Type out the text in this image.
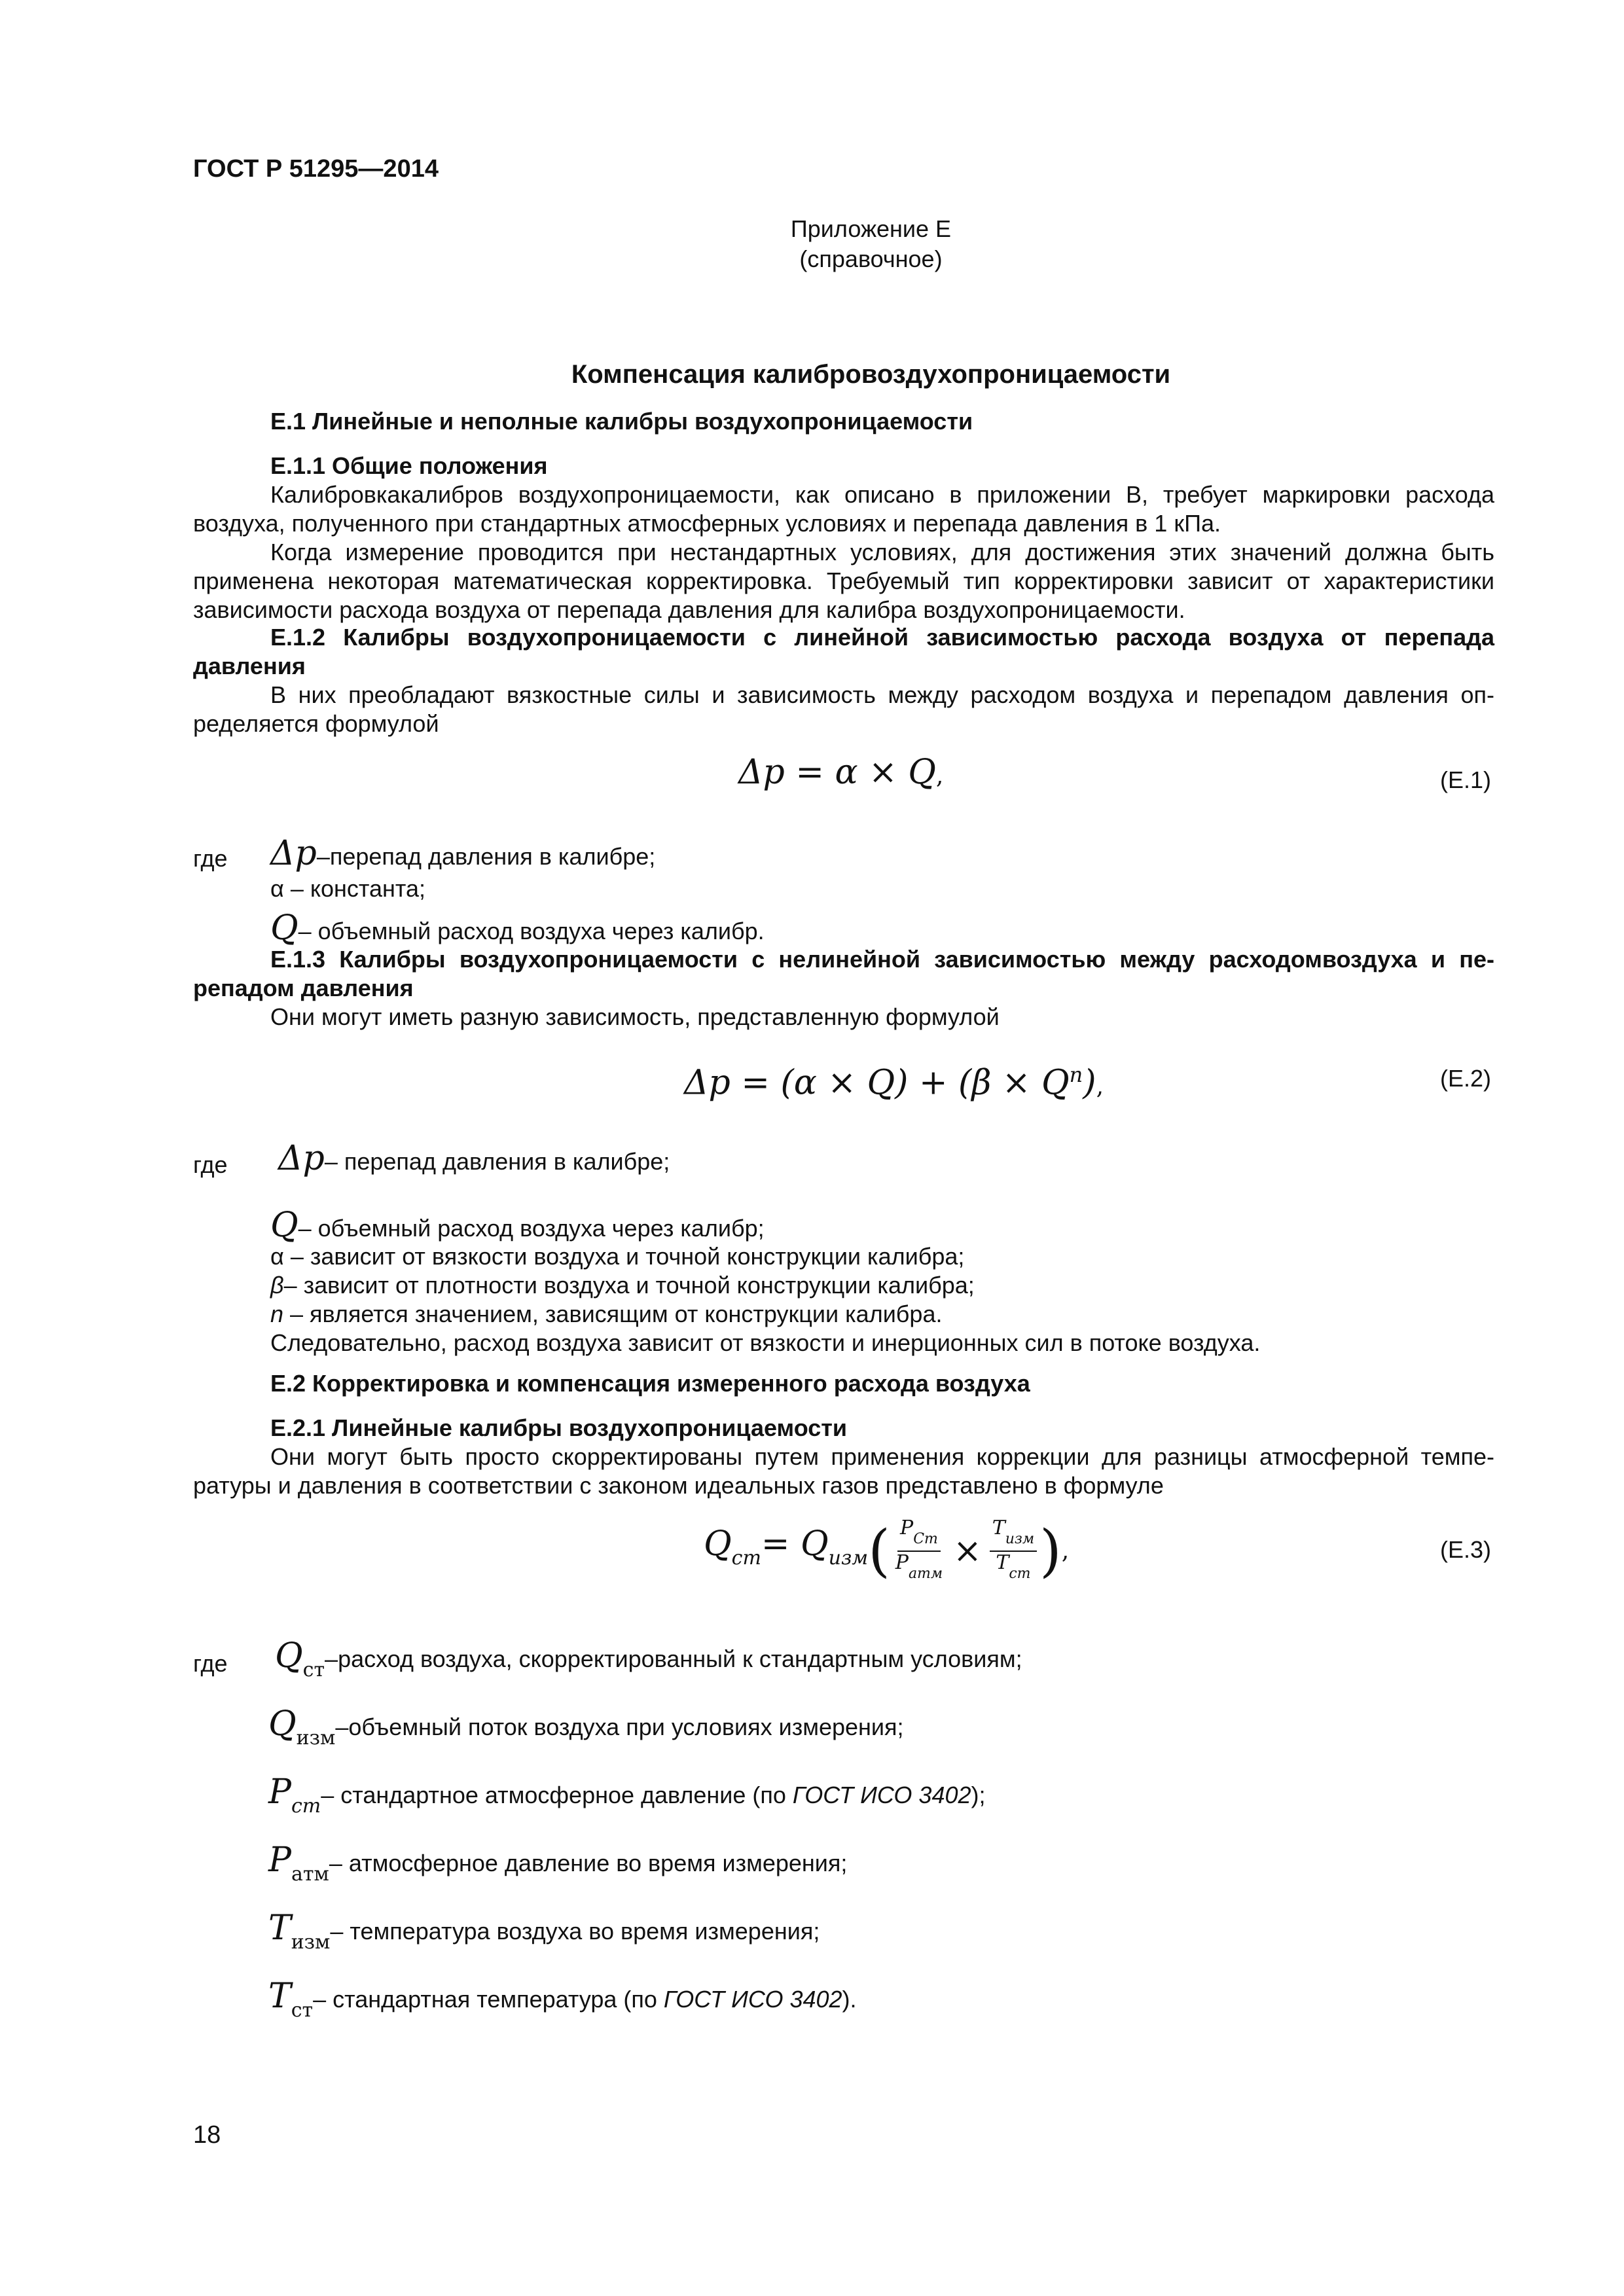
ГОСТ Р 51295—2014
Приложение Е
(справочное)
Компенсация калибровоздухопроницаемости
Е.1 Линейные и неполные калибры воздухопроницаемости
Е.1.1 Общие положения
Калибровкакалибров воздухопроницаемости, как описано в приложении В, требует маркировки расхода
воздуха, полученного при стандартных атмосферных условиях и перепада давления в 1 кПа.
Когда измерение проводится при нестандартных условиях, для достижения этих значений должна быть
применена некоторая математическая корректировка. Требуемый тип корректировки зависит от характеристики
зависимости расхода воздуха от перепада давления для калибра воздухопроницаемости.
Е.1.2 Калибры воздухопроницаемости с линейной зависимостью расхода воздуха от перепада
давления
В них преобладают вязкостные силы и зависимость между расходом воздуха и перепадом давления оп-
ределяется формулой
Δp = α × Q,	(Е.1)
где Δp–перепад давления в калибре;
α – константа;
Q– объемный расход воздуха через калибр.
Е.1.3 Калибры воздухопроницаемости с нелинейной зависимостью между расходомвоздуха и пе-
репадом давления
Они могут иметь разную зависимость, представленную формулой
$\Delta p = (\alpha \times Q) + (\beta \times Q^n)$,	(Е.2)
где Δp– перепад давления в калибре;
Q– объемный расход воздуха через калибр;
α – зависит от вязкости воздуха и точной конструкции калибра;
β– зависит от плотности воздуха и точной конструкции калибра;
n – является значением, зависящим от конструкции калибра.
Следовательно, расход воздуха зависит от вязкости и инерционных сил в потоке воздуха.
Е.2 Корректировка и компенсация измеренного расхода воздуха
Е.2.1 Линейные калибры воздухопроницаемости
Они могут быть просто скорректированы путем применения коррекции для разницы атмосферной темпе-
ратуры и давления в соответствии с законом идеальных газов представлено в формуле
$Q_{cm} = Q_{изм}$ ( $\frac{P_{Cm}}{P_{атм}} \times \frac{T_{изм}}{T_{cm}}$ ) ,	(Е.3)
где $Q_{ст}$–расход воздуха, скорректированный к стандартным условиям;
$Q_{изм}$–объемный поток воздуха при условиях измерения;
$P_{ст}-$ стандартное атмосферное давление (по ГОСТ ИСО 3402);
$P_{атм}-$ атмосферное давление во время измерения;
$T_{изм}-$ температура воздуха во время измерения;
$T_{ст}-$ стандартная температура (по ГОСТ ИСО 3402).
18
